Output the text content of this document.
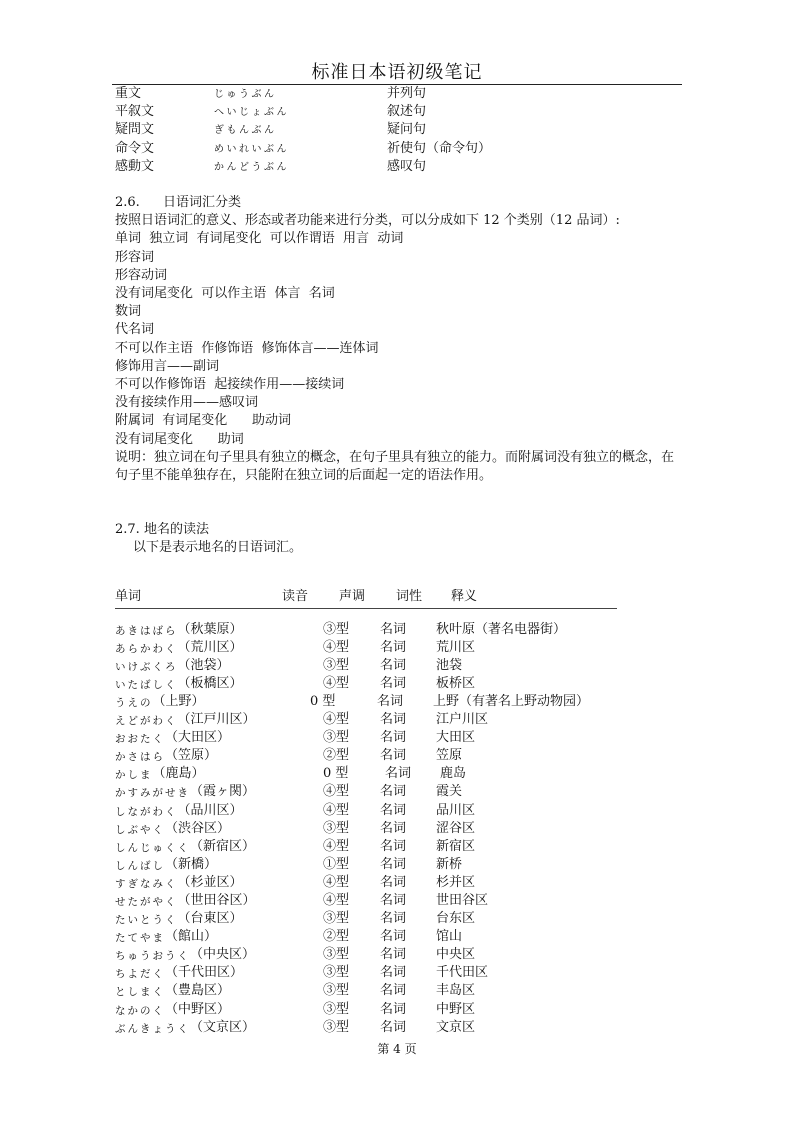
标准日本语初级笔记
重文	じゅうぶん	并列句
平叙文	へいじょぶん	叙述句
疑問文	ぎもんぶん	疑问句
命令文	めいれいぶん	祈使句（命令句）
感動文	かんどうぶん	感叹句
2.6. 日语词汇分类
按照日语词汇的意义、形态或者功能来进行分类，可以分成如下 12 个类别（12 品词）:
单词  独立词  有词尾变化  可以作谓语  用言  动词
形容词
形容动词
没有词尾变化  可以作主语  体言  名词
数词
代名词
不可以作主语  作修饰语  修饰体言——连体词
修饰用言——副词
不可以作修饰语  起接续作用——接续词
没有接续作用——感叹词
附属词  有词尾变化      助动词
没有词尾变化      助词
说明：独立词在句子里具有独立的概念，在句子里具有独立的能力。而附属词没有独立的概念，在句子里不能单独存在，只能附在独立词的后面起一定的语法作用。
2.7. 地名的读法
以下是表示地名的日语词汇。
单词	读音 声调 词性 释义
あきはばら （秋葉原）	③型 名词 秋叶原（著名电器街）
あらかわく （荒川区）	④型 名词 荒川区
いけぶくろ （池袋）	③型 名词 池袋
いたばしく （板橋区）	④型 名词 板桥区
うえの （上野）	0 型	名词 上野（有著名上野动物园）
えどがわく （江戸川区）	④型 名词 江户川区
おおたく （大田区）	③型 名词 大田区
かさはら （笠原）	②型 名词 笠原
かしま （鹿島）	0 型	名词 鹿岛
かすみがせき （霞ヶ関）	④型 名词 霞关
しながわく （品川区）	④型 名词 品川区
しぶやく （渋谷区）	③型 名词 涩谷区
しんじゅくく （新宿区）	④型 名词 新宿区
しんばし （新橋）	①型 名词 新桥
すぎなみく （杉並区）	④型 名词 杉并区
せたがやく （世田谷区）	④型 名词 世田谷区
たいとうく （台東区）	③型 名词 台东区
たてやま （館山）	②型 名词 馆山
ちゅうおうく （中央区）	③型 名词 中央区
ちよだく （千代田区）	③型 名词 千代田区
としまく （豊島区）	③型 名词 丰岛区
なかのく （中野区）	③型 名词 中野区
ぶんきょうく （文京区）	③型 名词 文京区
第 4 页
